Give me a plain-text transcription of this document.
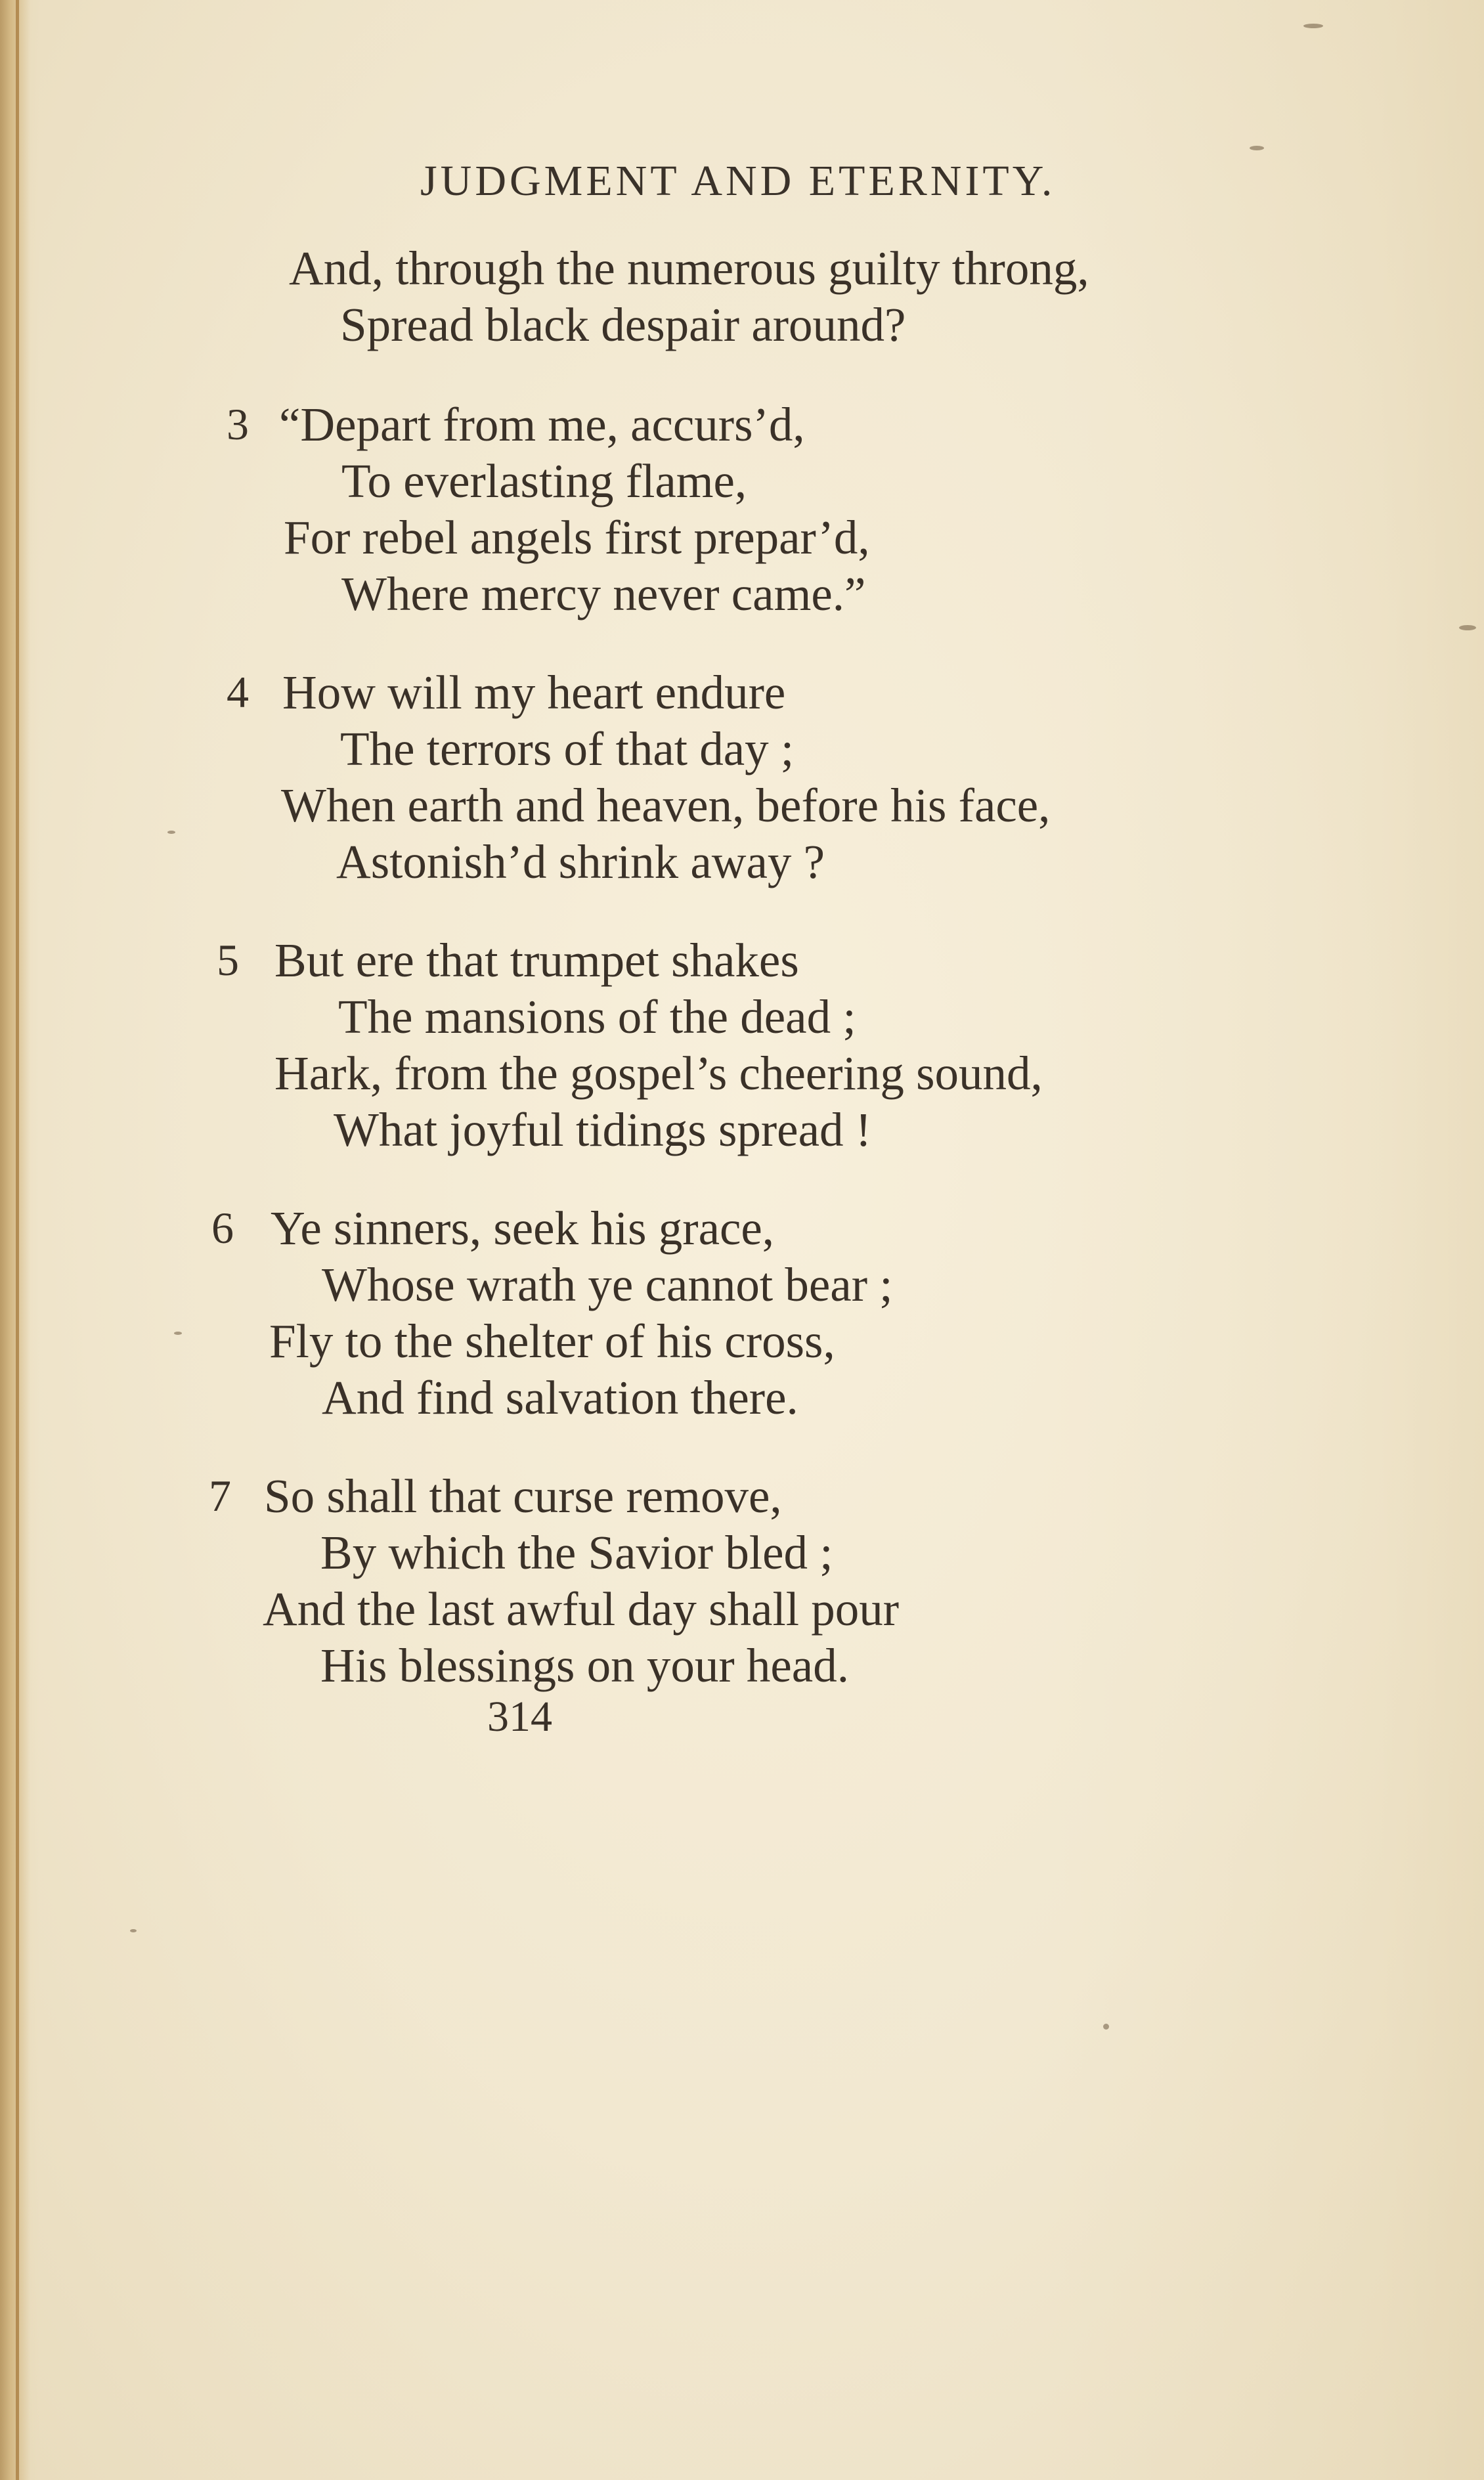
JUDGMENT AND ETERNITY.
And, through the numerous guilty throng,
Spread black despair around?
3 “Depart from me, accurs’d,
To everlasting flame,
For rebel angels first prepar’d,
Where mercy never came.”
4 How will my heart endure
The terrors of that day ;
When earth and heaven, before his face,
Astonish’d shrink away ?
5 But ere that trumpet shakes
The mansions of the dead ;
Hark, from the gospel’s cheering sound,
What joyful tidings spread !
6 Ye sinners, seek his grace,
Whose wrath ye cannot bear ;
Fly to the shelter of his cross,
And find salvation there.
7 So shall that curse remove,
By which the Savior bled ;
And the last awful day shall pour
His blessings on your head.
314
